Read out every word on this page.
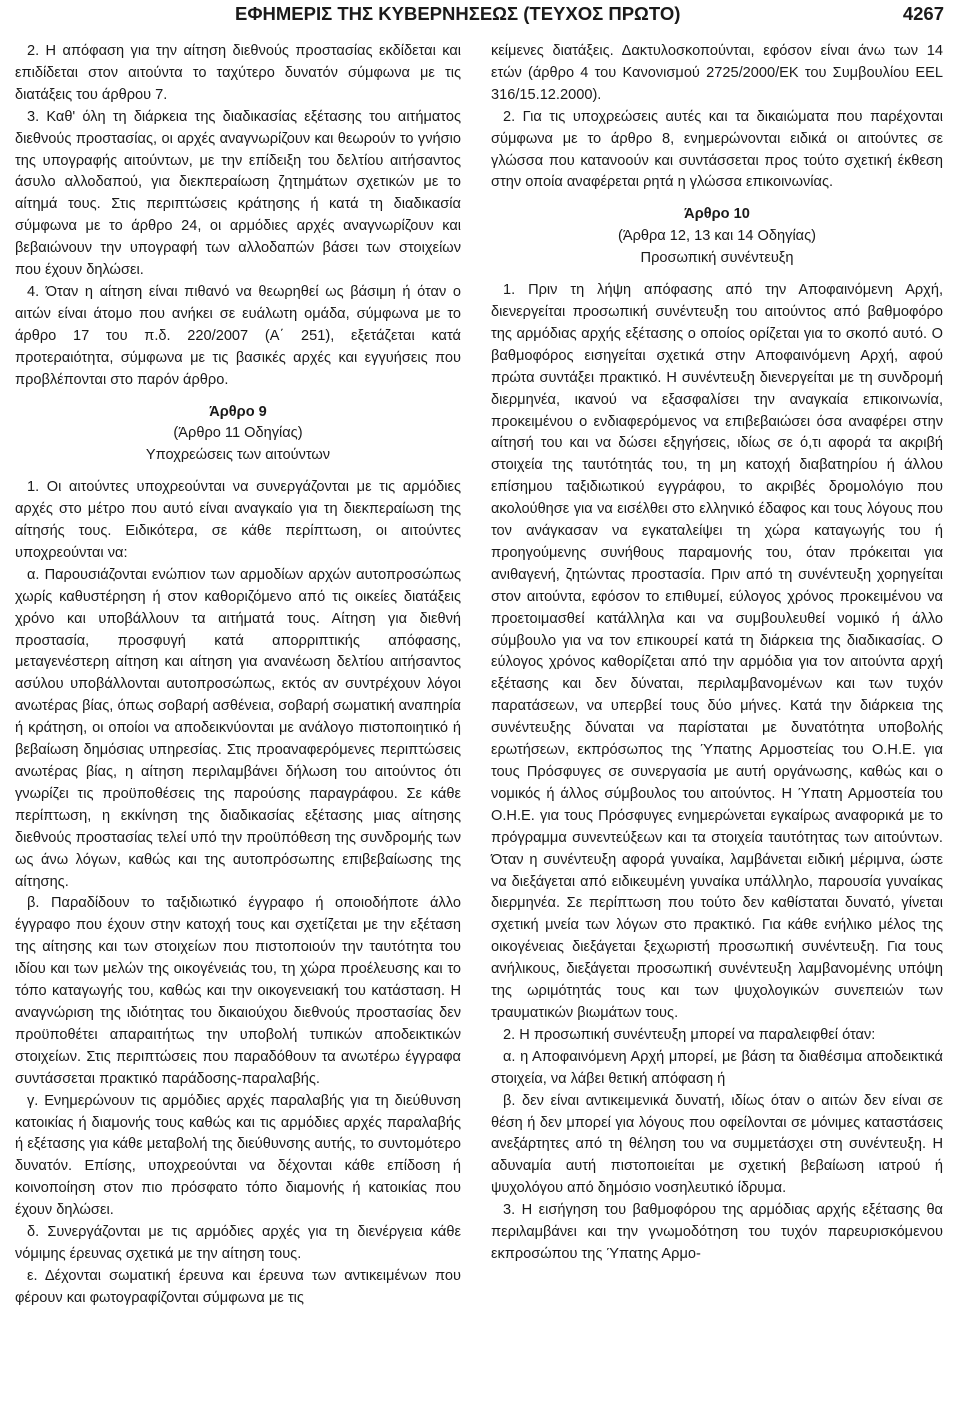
ΕΦΗΜΕΡΙΣ ΤΗΣ ΚΥΒΕΡΝΗΣΕΩΣ (ΤΕΥΧΟΣ ΠΡΩΤΟ)	4267

2. Η απόφαση για την αίτηση διεθνούς προστασίας εκδίδεται και επιδίδεται στον αιτούντα το ταχύτερο δυνατόν σύμφωνα με τις διατάξεις του άρθρου 7.

3. Καθ' όλη τη διάρκεια της διαδικασίας εξέτασης του αιτήματος διεθνούς προστασίας, οι αρχές αναγνωρίζουν και θεωρούν το γνήσιο της υπογραφής αιτούντων, με την επίδειξη του δελτίου αιτήσαντος άσυλο αλλοδαπού, για διεκπεραίωση ζητημάτων σχετικών με το αίτημά τους. Στις περιπτώσεις κράτησης ή κατά τη διαδικασία σύμφωνα με το άρθρο 24, οι αρμόδιες αρχές αναγνωρίζουν και βεβαιώνουν την υπογραφή των αλλοδαπών βάσει των στοιχείων που έχουν δηλώσει.

4. Όταν η αίτηση είναι πιθανό να θεωρηθεί ως βάσιμη ή όταν ο αιτών είναι άτομο που ανήκει σε ευάλωτη ομάδα, σύμφωνα με το άρθρο 17 του π.δ. 220/2007 (Α΄ 251), εξετάζεται κατά προτεραιότητα, σύμφωνα με τις βασικές αρχές και εγγυήσεις που προβλέπονται στο παρόν άρθρο.

Άρθρο 9
(Άρθρο 11 Οδηγίας)
Υποχρεώσεις των αιτούντων

1. Οι αιτούντες υποχρεούνται να συνεργάζονται με τις αρμόδιες αρχές στο μέτρο που αυτό είναι αναγκαίο για τη διεκπεραίωση της αίτησής τους. Ειδικότερα, σε κάθε περίπτωση, οι αιτούντες υποχρεούνται να:

α. Παρουσιάζονται ενώπιον των αρμοδίων αρχών αυτοπροσώπως χωρίς καθυστέρηση ή στον καθοριζόμενο από τις οικείες διατάξεις χρόνο και υποβάλλουν τα αιτήματά τους. Αίτηση για διεθνή προστασία, προσφυγή κατά απορριπτικής απόφασης, μεταγενέστερη αίτηση και αίτηση για ανανέωση δελτίου αιτήσαντος ασύλου υποβάλλονται αυτοπροσώπως, εκτός αν συντρέχουν λόγοι ανωτέρας βίας, όπως σοβαρή ασθένεια, σοβαρή σωματική αναπηρία ή κράτηση, οι οποίοι να αποδεικνύονται με ανάλογο πιστοποιητικό ή βεβαίωση δημόσιας υπηρεσίας. Στις προαναφερόμενες περιπτώσεις ανωτέρας βίας, η αίτηση περιλαμβάνει δήλωση του αιτούντος ότι γνωρίζει τις προϋποθέσεις της παρούσης παραγράφου. Σε κάθε περίπτωση, η εκκίνηση της διαδικασίας εξέτασης μιας αίτησης διεθνούς προστασίας τελεί υπό την προϋπόθεση της συνδρομής των ως άνω λόγων, καθώς και της αυτοπρόσωπης επιβεβαίωσης της αίτησης.

β. Παραδίδουν το ταξιδιωτικό έγγραφο ή οποιοδήποτε άλλο έγγραφο που έχουν στην κατοχή τους και σχετίζεται με την εξέταση της αίτησης και των στοιχείων που πιστοποιούν την ταυτότητα του ιδίου και των μελών της οικογένειάς του, τη χώρα προέλευσης και το τόπο καταγωγής του, καθώς και την οικογενειακή του κατάσταση. Η αναγνώριση της ιδιότητας του δικαιούχου διεθνούς προστασίας δεν προϋποθέτει απαραιτήτως την υποβολή τυπικών αποδεικτικών στοιχείων. Στις περιπτώσεις που παραδόθουν τα ανωτέρω έγγραφα συντάσσεται πρακτικό παράδοσης-παραλαβής.

γ. Ενημερώνουν τις αρμόδιες αρχές παραλαβής για τη διεύθυνση κατοικίας ή διαμονής τους καθώς και τις αρμόδιες αρχές παραλαβής ή εξέτασης για κάθε μεταβολή της διεύθυνσης αυτής, το συντομότερο δυνατόν. Επίσης, υποχρεούνται να δέχονται κάθε επίδοση ή κοινοποίηση στον πιο πρόσφατο τόπο διαμονής ή κατοικίας που έχουν δηλώσει.

δ. Συνεργάζονται με τις αρμόδιες αρχές για τη διενέργεια κάθε νόμιμης έρευνας σχετικά με την αίτηση τους.

ε. Δέχονται σωματική έρευνα και έρευνα των αντικειμένων που φέρουν και φωτογραφίζονται σύμφωνα με τις

κείμενες διατάξεις. Δακτυλοσκοπούνται, εφόσον είναι άνω των 14 ετών (άρθρο 4 του Κανονισμού 2725/2000/ΕΚ του Συμβουλίου EEL 316/15.12.2000).

2. Για τις υποχρεώσεις αυτές και τα δικαιώματα που παρέχονται σύμφωνα με το άρθρο 8, ενημερώνονται ειδικά οι αιτούντες σε γλώσσα που κατανοούν και συντάσσεται προς τούτο σχετική έκθεση στην οποία αναφέρεται ρητά η γλώσσα επικοινωνίας.

Άρθρο 10
(Άρθρα 12, 13 και 14 Οδηγίας)
Προσωπική συνέντευξη

1. Πριν τη λήψη απόφασης από την Αποφαινόμενη Αρχή, διενεργείται προσωπική συνέντευξη του αιτούντος από βαθμοφόρο της αρμόδιας αρχής εξέτασης ο οποίος ορίζεται για το σκοπό αυτό. Ο βαθμοφόρος εισηγείται σχετικά στην Αποφαινόμενη Αρχή, αφού πρώτα συντάξει πρακτικό. Η συνέντευξη διενεργείται με τη συνδρομή διερμηνέα, ικανού να εξασφαλίσει την αναγκαία επικοινωνία, προκειμένου ο ενδιαφερόμενος να επιβεβαιώσει όσα αναφέρει στην αίτησή του και να δώσει εξηγήσεις, ιδίως σε ό,τι αφορά τα ακριβή στοιχεία της ταυτότητάς του, τη μη κατοχή διαβατηρίου ή άλλου επίσημου ταξιδιωτικού εγγράφου, το ακριβές δρομολόγιο που ακολούθησε για να εισέλθει στο ελληνικό έδαφος και τους λόγους που τον ανάγκασαν να εγκαταλείψει τη χώρα καταγωγής του ή προηγούμενης συνήθους παραμονής του, όταν πρόκειται για ανιθαγενή, ζητώντας προστασία. Πριν από τη συνέντευξη χορηγείται στον αιτούντα, εφόσον το επιθυμεί, εύλογος χρόνος προκειμένου να προετοιμασθεί κατάλληλα και να συμβουλευθεί νομικό ή άλλο σύμβουλο για να τον επικουρεί κατά τη διάρκεια της διαδικασίας. Ο εύλογος χρόνος καθορίζεται από την αρμόδια για τον αιτούντα αρχή εξέτασης και δεν δύναται, περιλαμβανομένων και των τυχόν παρατάσεων, να υπερβεί τους δύο μήνες. Κατά την διάρκεια της συνέντευξης δύναται να παρίσταται με δυνατότητα υποβολής ερωτήσεων, εκπρόσωπος της Ύπατης Αρμοστείας του Ο.Η.Ε. για τους Πρόσφυγες σε συνεργασία με αυτή οργάνωσης, καθώς και ο νομικός ή άλλος σύμβουλος του αιτούντος. Η Ύπατη Αρμοστεία του Ο.Η.Ε. για τους Πρόσφυγες ενημερώνεται εγκαίρως αναφορικά με το πρόγραμμα συνεντεύξεων και τα στοιχεία ταυτότητας των αιτούντων. Όταν η συνέντευξη αφορά γυναίκα, λαμβάνεται ειδική μέριμνα, ώστε να διεξάγεται από ειδικευμένη γυναίκα υπάλληλο, παρουσία γυναίκας διερμηνέα. Σε περίπτωση που τούτο δεν καθίσταται δυνατό, γίνεται σχετική μνεία των λόγων στο πρακτικό. Για κάθε ενήλικο μέλος της οικογένειας διεξάγεται ξεχωριστή προσωπική συνέντευξη. Για τους ανήλικους, διεξάγεται προσωπική συνέντευξη λαμβανομένης υπόψη της ωριμότητάς τους και των ψυχολογικών συνεπειών των τραυματικών βιωμάτων τους.

2. Η προσωπική συνέντευξη μπορεί να παραλειφθεί όταν:

α. η Αποφαινόμενη Αρχή μπορεί, με βάση τα διαθέσιμα αποδεικτικά στοιχεία, να λάβει θετική απόφαση ή

β. δεν είναι αντικειμενικά δυνατή, ιδίως όταν ο αιτών δεν είναι σε θέση ή δεν μπορεί για λόγους που οφείλονται σε μόνιμες καταστάσεις ανεξάρτητες από τη θέληση του να συμμετάσχει στη συνέντευξη. Η αδυναμία αυτή πιστοποιείται με σχετική βεβαίωση ιατρού ή ψυχολόγου από δημόσιο νοσηλευτικό ίδρυμα.

3. Η εισήγηση του βαθμοφόρου της αρμόδιας αρχής εξέτασης θα περιλαμβάνει και την γνωμοδότηση του τυχόν παρευρισκόμενου εκπροσώπου της Ύπατης Αρμο-
